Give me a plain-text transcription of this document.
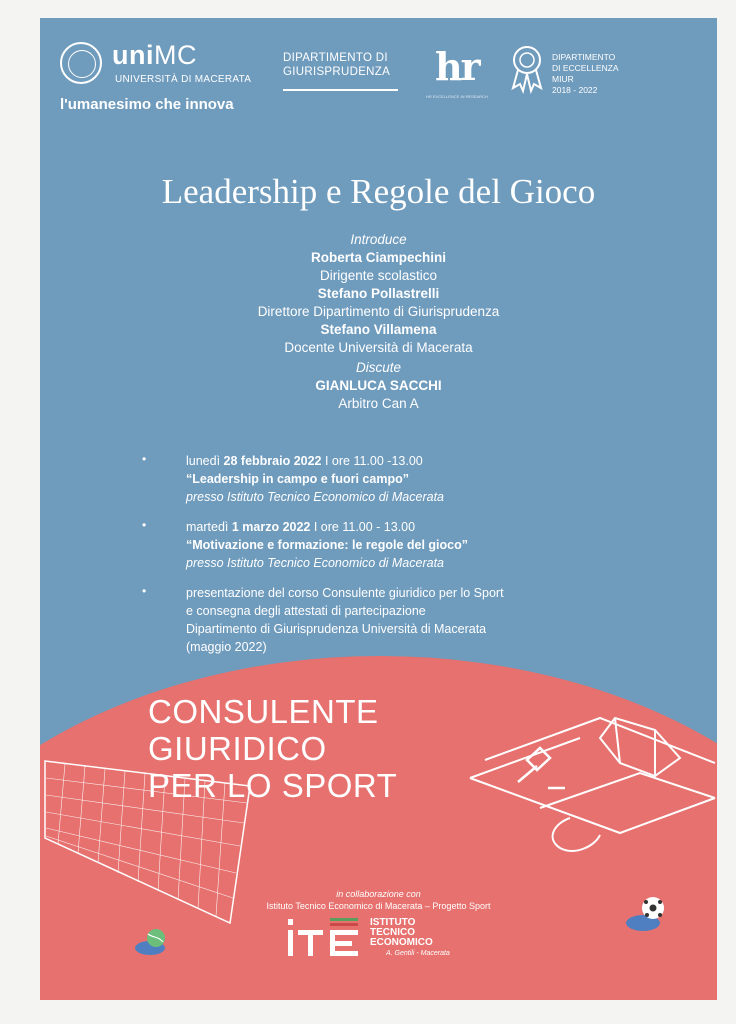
uniMC
UNIVERSITÀ DI MACERATA
l'umanesimo che innova
DIPARTIMENTO DI
GIURISPRUDENZA hr
HR EXCELLENCE IN RESEARCH
DIPARTIMENTO
DI ECCELLENZA
MIUR
2018 - 2022
Leadership e Regole del Gioco
Introduce
Roberta Ciampechini
Dirigente scolastico
Stefano Pollastrelli
Direttore Dipartimento di Giurisprudenza
Stefano Villamena
Docente Università di Macerata
Discute
GIANLUCA SACCHI
Arbitro Can A
•	lunedì 28 febbraio 2022 I ore 11.00 -13.00
“Leadership in campo e fuori campo”
presso Istituto Tecnico Economico di Macerata
•	martedì 1 marzo 2022 I ore 11.00 - 13.00
“Motivazione e formazione: le regole del gioco”
presso Istituto Tecnico Economico di Macerata
•	presentazione del corso Consulente giuridico per lo Sport
e consegna degli attestati di partecipazione
Dipartimento di Giurisprudenza Università di Macerata
(maggio 2022)
CONSULENTE
GIURIDICO
PER LO SPORT
in collaborazione con
Istituto Tecnico Economico di Macerata – Progetto Sport
ISTITUTO
TECNICO
ECONOMICO
A. Gentili - Macerata
